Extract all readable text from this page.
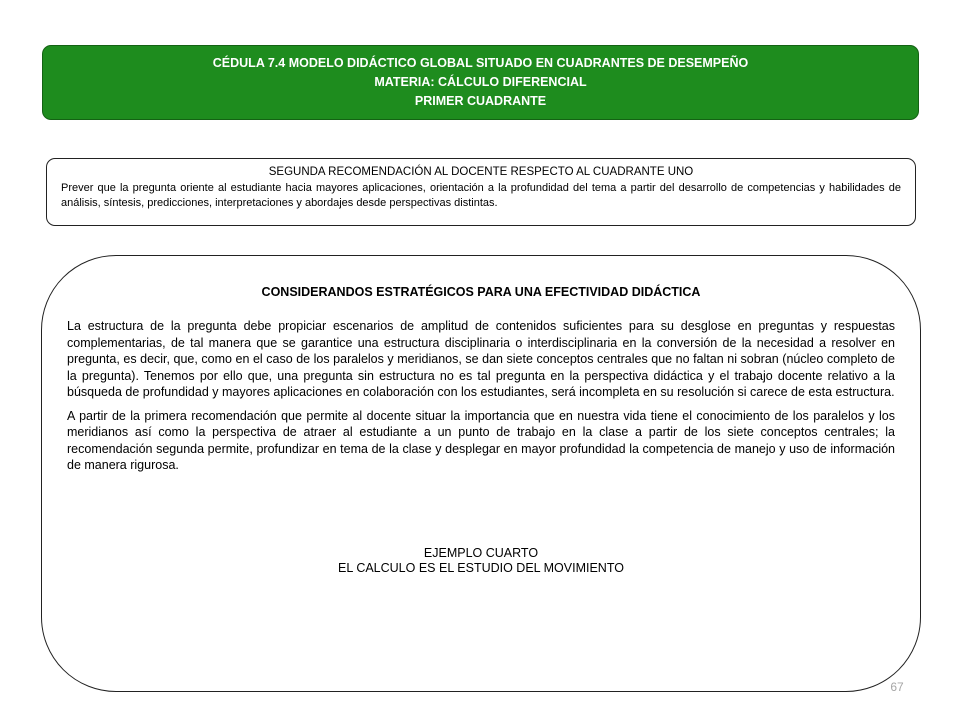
CÉDULA 7.4 MODELO DIDÁCTICO GLOBAL SITUADO EN CUADRANTES DE DESEMPEÑO
MATERIA: CÁLCULO DIFERENCIAL
PRIMER CUADRANTE
SEGUNDA RECOMENDACIÓN AL DOCENTE RESPECTO AL CUADRANTE UNO
Prever que la pregunta oriente al estudiante hacia mayores aplicaciones, orientación a la profundidad del tema a partir del desarrollo de competencias y habilidades de análisis, síntesis, predicciones, interpretaciones y abordajes desde perspectivas distintas.
CONSIDERANDOS ESTRATÉGICOS PARA UNA EFECTIVIDAD DIDÁCTICA

La estructura de la pregunta debe propiciar escenarios de amplitud de contenidos suficientes para su desglose en preguntas y respuestas complementarias, de tal manera que se garantice una estructura disciplinaria o interdisciplinaria en la conversión de la necesidad a resolver en pregunta, es decir, que, como en el caso de los paralelos y meridianos, se dan siete conceptos centrales que no faltan ni sobran (núcleo completo de la pregunta). Tenemos por ello que, una pregunta sin estructura no es tal pregunta en la perspectiva didáctica y el trabajo docente relativo a la búsqueda de profundidad y mayores aplicaciones en colaboración con los estudiantes, será incompleta en su resolución si carece de esta estructura.

A partir de la primera recomendación que permite al docente situar la importancia que en nuestra vida tiene el conocimiento de los paralelos y los meridianos así como la perspectiva de atraer al estudiante a un punto de trabajo en la clase a partir de los siete conceptos centrales; la recomendación segunda permite, profundizar en tema de la clase y desplegar en mayor profundidad la competencia de manejo y uso de información de manera rigurosa.

EJEMPLO CUARTO
EL CALCULO ES EL ESTUDIO DEL MOVIMIENTO
67
